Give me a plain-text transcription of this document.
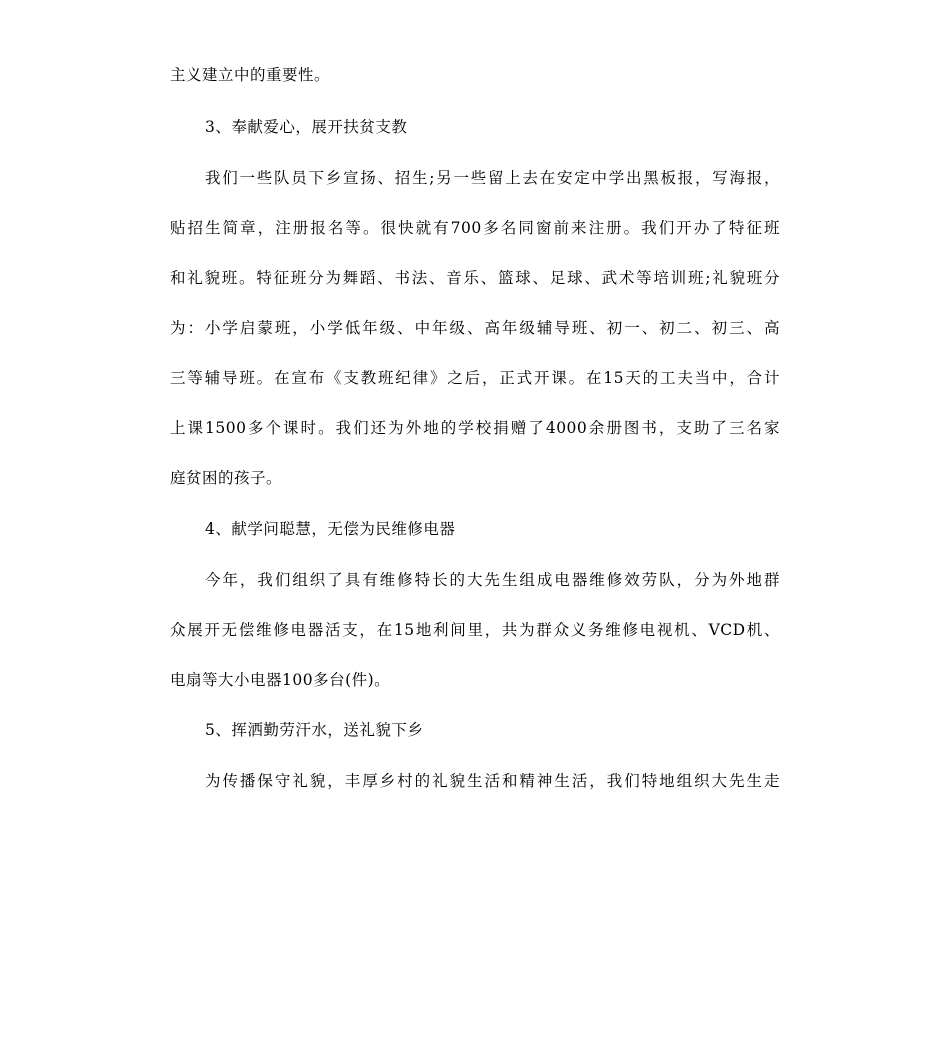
主义建立中的重要性。
3、奉献爱心，展开扶贫支教
我们一些队员下乡宣扬、招生;另一些留上去在安定中学出黑板报，写海报，
贴招生简章，注册报名等。很快就有700多名同窗前来注册。我们开办了特征班
和礼貌班。特征班分为舞蹈、书法、音乐、篮球、足球、武术等培训班;礼貌班分
为：小学启蒙班，小学低年级、中年级、高年级辅导班、初一、初二、初三、高
三等辅导班。在宣布《支教班纪律》之后，正式开课。在15天的工夫当中，合计
上课1500多个课时。我们还为外地的学校捐赠了4000余册图书，支助了三名家
庭贫困的孩子。
4、献学问聪慧，无偿为民维修电器
今年，我们组织了具有维修特长的大先生组成电器维修效劳队，分为外地群
众展开无偿维修电器活支，在15地利间里，共为群众义务维修电视机、VCD机、
电扇等大小电器100多台(件)。
5、挥洒勤劳汗水，送礼貌下乡
为传播保守礼貌，丰厚乡村的礼貌生活和精神生活，我们特地组织大先生走
